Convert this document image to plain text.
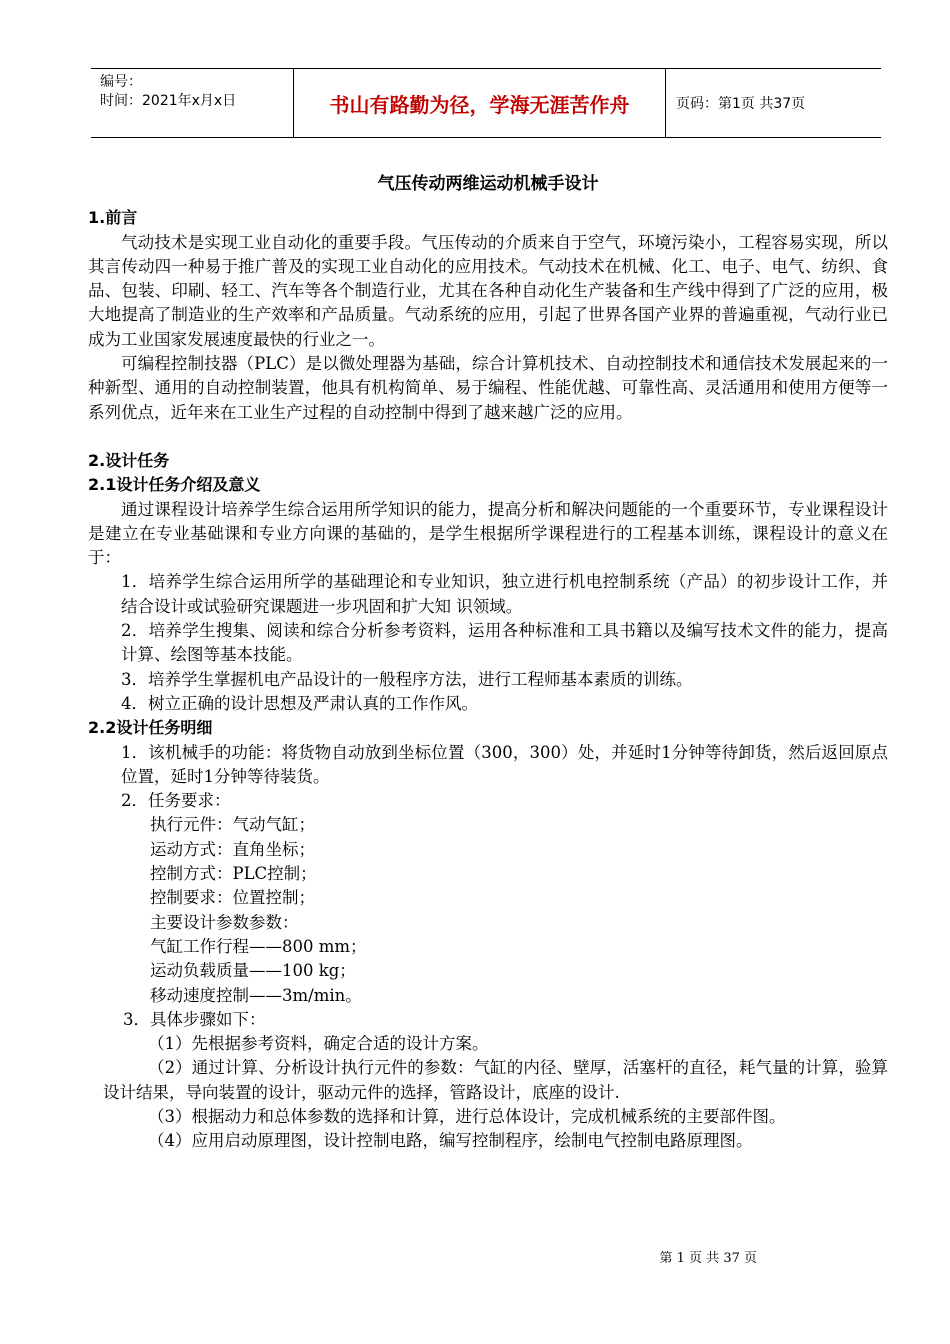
编号：
时间：2021年x月x日	书山有路勤为径，学海无涯苦作舟	页码：第1页 共37页
气压传动两维运动机械手设计
1.前言
气动技术是实现工业自动化的重要手段。气压传动的介质来自于空气，环境污染小，工程容易实现，所以其言传动四一种易于推广普及的实现工业自动化的应用技术。气动技术在机械、化工、电子、电气、纺织、食品、包装、印刷、轻工、汽车等各个制造行业，尤其在各种自动化生产装备和生产线中得到了广泛的应用，极大地提高了制造业的生产效率和产品质量。气动系统的应用，引起了世界各国产业界的普遍重视，气动行业已成为工业国家发展速度最快的行业之一。
可编程控制技器（PLC）是以微处理器为基础，综合计算机技术、自动控制技术和通信技术发展起来的一种新型、通用的自动控制装置，他具有机构简单、易于编程、性能优越、可靠性高、灵活通用和使用方便等一系列优点，近年来在工业生产过程的自动控制中得到了越来越广泛的应用。
2.设计任务
2.1设计任务介绍及意义
通过课程设计培养学生综合运用所学知识的能力，提高分析和解决问题能的一个重要环节，专业课程设计是建立在专业基础课和专业方向课的基础的，是学生根据所学课程进行的工程基本训练，课程设计的意义在于：
1．培养学生综合运用所学的基础理论和专业知识，独立进行机电控制系统（产品）的初步设计工作，并结合设计或试验研究课题进一步巩固和扩大知 识领域。
2．培养学生搜集、阅读和综合分析参考资料，运用各种标准和工具书籍以及编写技术文件的能力，提高计算、绘图等基本技能。
3．培养学生掌握机电产品设计的一般程序方法，进行工程师基本素质的训练。
4．树立正确的设计思想及严肃认真的工作作风。
2.2设计任务明细
1．该机械手的功能：将货物自动放到坐标位置（300，300）处，并延时1分钟等待卸货，然后返回原点位置，延时1分钟等待装货。
2．任务要求：
执行元件：气动气缸；
运动方式：直角坐标；
控制方式：PLC控制；
控制要求：位置控制；
主要设计参数参数：
气缸工作行程——800 mm；
运动负载质量——100 kg；
移动速度控制——3m/min。
3．具体步骤如下：
（1）先根据参考资料，确定合适的设计方案。
（2）通过计算、分析设计执行元件的参数：气缸的内径、壁厚，活塞杆的直径，耗气量的计算，验算设计结果，导向装置的设计，驱动元件的选择，管路设计，底座的设计.
（3）根据动力和总体参数的选择和计算，进行总体设计，完成机械系统的主要部件图。
（4）应用启动原理图，设计控制电路，编写控制程序，绘制电气控制电路原理图。
第 1 页 共 37 页
